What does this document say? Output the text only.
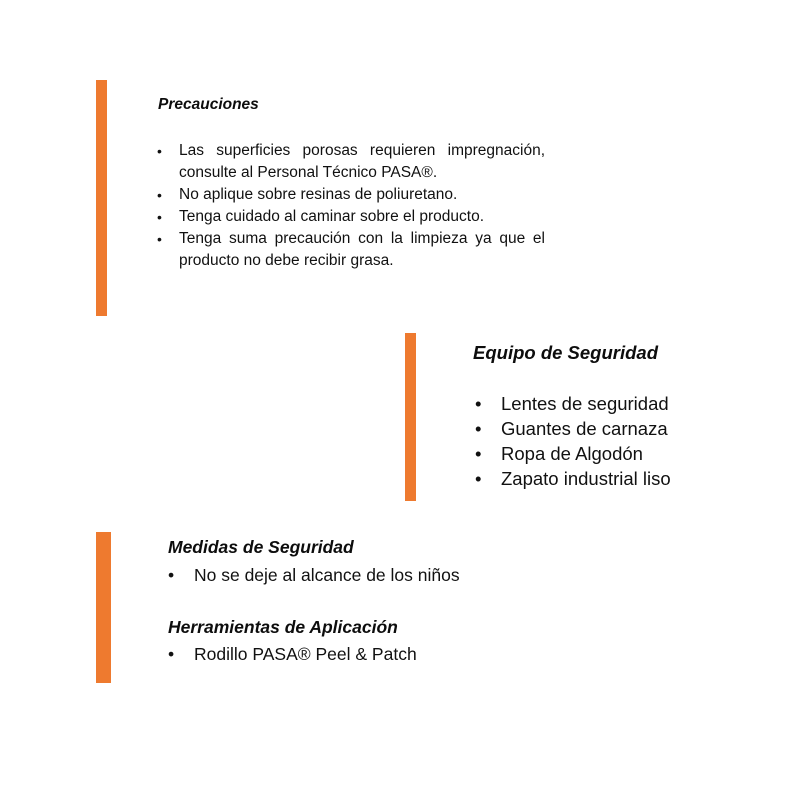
Precauciones
• Las superficies porosas requieren impregnación, consulte al Personal Técnico PASA®.
• No aplique sobre resinas de poliuretano.
• Tenga cuidado al caminar sobre el producto.
• Tenga suma precaución con la limpieza ya que el producto no debe recibir grasa.
Equipo de Seguridad
• Lentes de seguridad
• Guantes de carnaza
• Ropa de Algodón
• Zapato industrial liso
Medidas de Seguridad
• No se deje al alcance de los niños
Herramientas de Aplicación
• Rodillo PASA® Peel & Patch
